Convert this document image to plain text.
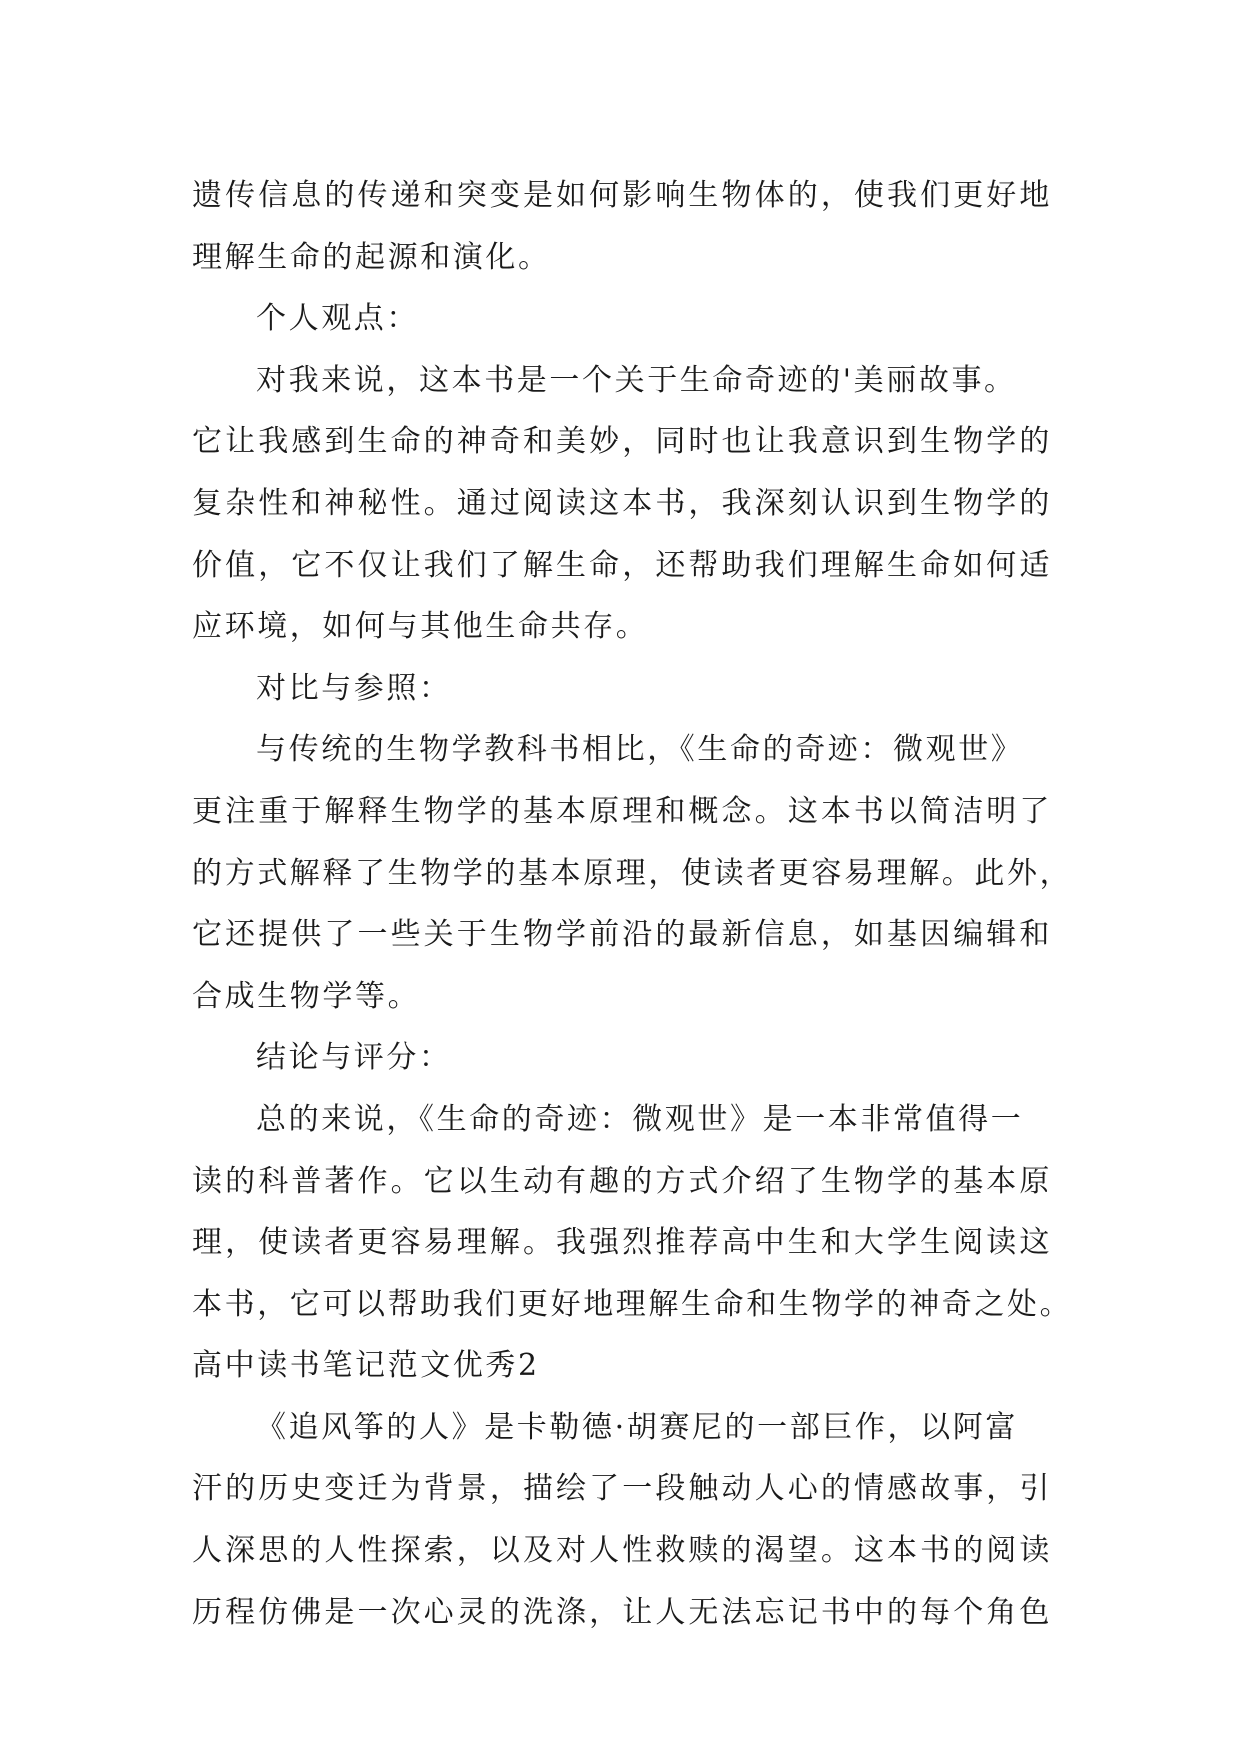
遗传信息的传递和突变是如何影响生物体的，使我们更好地
理解生命的起源和演化。
个人观点：
对我来说，这本书是一个关于生命奇迹的'美丽故事。
它让我感到生命的神奇和美妙，同时也让我意识到生物学的
复杂性和神秘性。通过阅读这本书，我深刻认识到生物学的
价值，它不仅让我们了解生命，还帮助我们理解生命如何适
应环境，如何与其他生命共存。
对比与参照：
与传统的生物学教科书相比，《生命的奇迹：微观世》
更注重于解释生物学的基本原理和概念。这本书以简洁明了
的方式解释了生物学的基本原理，使读者更容易理解。此外，
它还提供了一些关于生物学前沿的最新信息，如基因编辑和
合成生物学等。
结论与评分：
总的来说，《生命的奇迹：微观世》是一本非常值得一
读的科普著作。它以生动有趣的方式介绍了生物学的基本原
理，使读者更容易理解。我强烈推荐高中生和大学生阅读这
本书，它可以帮助我们更好地理解生命和生物学的神奇之处。
高中读书笔记范文优秀2
《追风筝的人》是卡勒德·胡赛尼的一部巨作，以阿富
汗的历史变迁为背景，描绘了一段触动人心的情感故事，引
人深思的人性探索，以及对人性救赎的渴望。这本书的阅读
历程仿佛是一次心灵的洗涤，让人无法忘记书中的每个角色
